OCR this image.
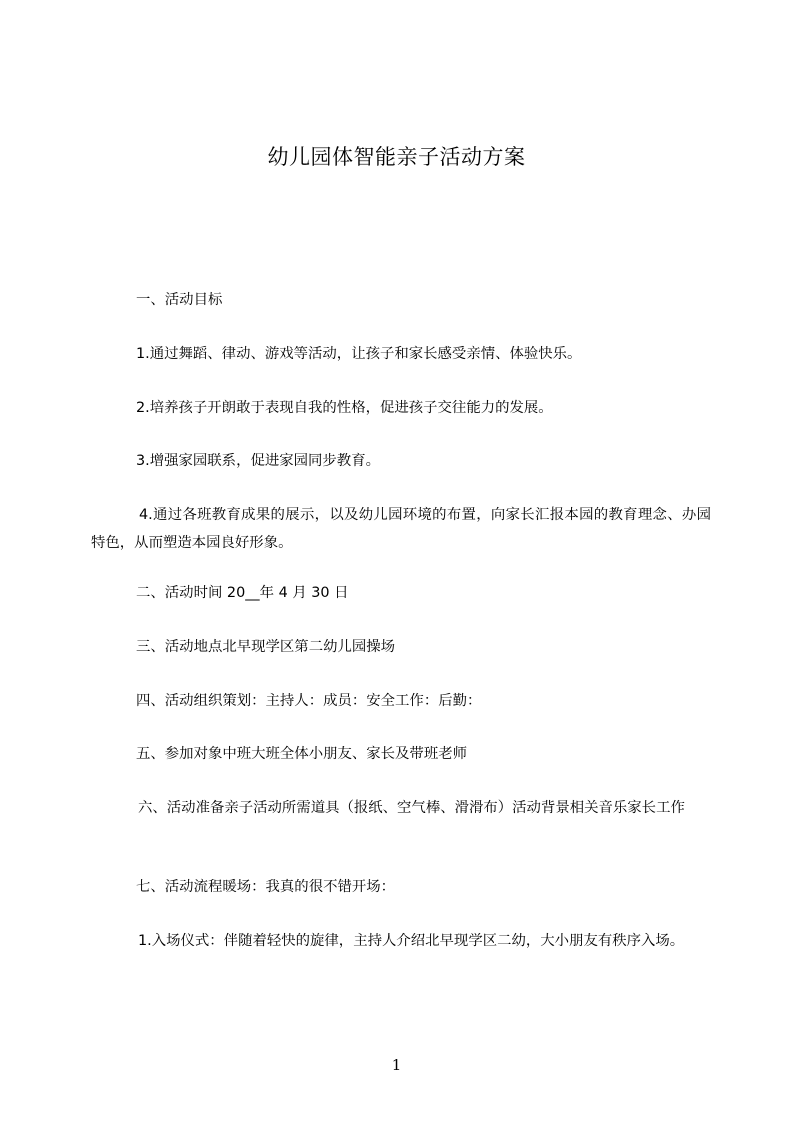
幼儿园体智能亲子活动方案
一、活动目标
1.通过舞蹈、律动、游戏等活动，让孩子和家长感受亲情、体验快乐。
2.培养孩子开朗敢于表现自我的性格，促进孩子交往能力的发展。
3.增强家园联系，促进家园同步教育。
4.通过各班教育成果的展示，以及幼儿园环境的布置，向家长汇报本园的教育理念、办园特色，从而塑造本园良好形象。
二、活动时间 20__年 4 月 30 日
三、活动地点北早现学区第二幼儿园操场
四、活动组织策划：主持人：成员：安全工作：后勤：
五、参加对象中班大班全体小朋友、家长及带班老师
六、活动准备亲子活动所需道具（报纸、空气棒、滑滑布）活动背景相关音乐家长工作
七、活动流程暖场：我真的很不错开场：
1.入场仪式：伴随着轻快的旋律，主持人介绍北早现学区二幼，大小朋友有秩序入场。
1
